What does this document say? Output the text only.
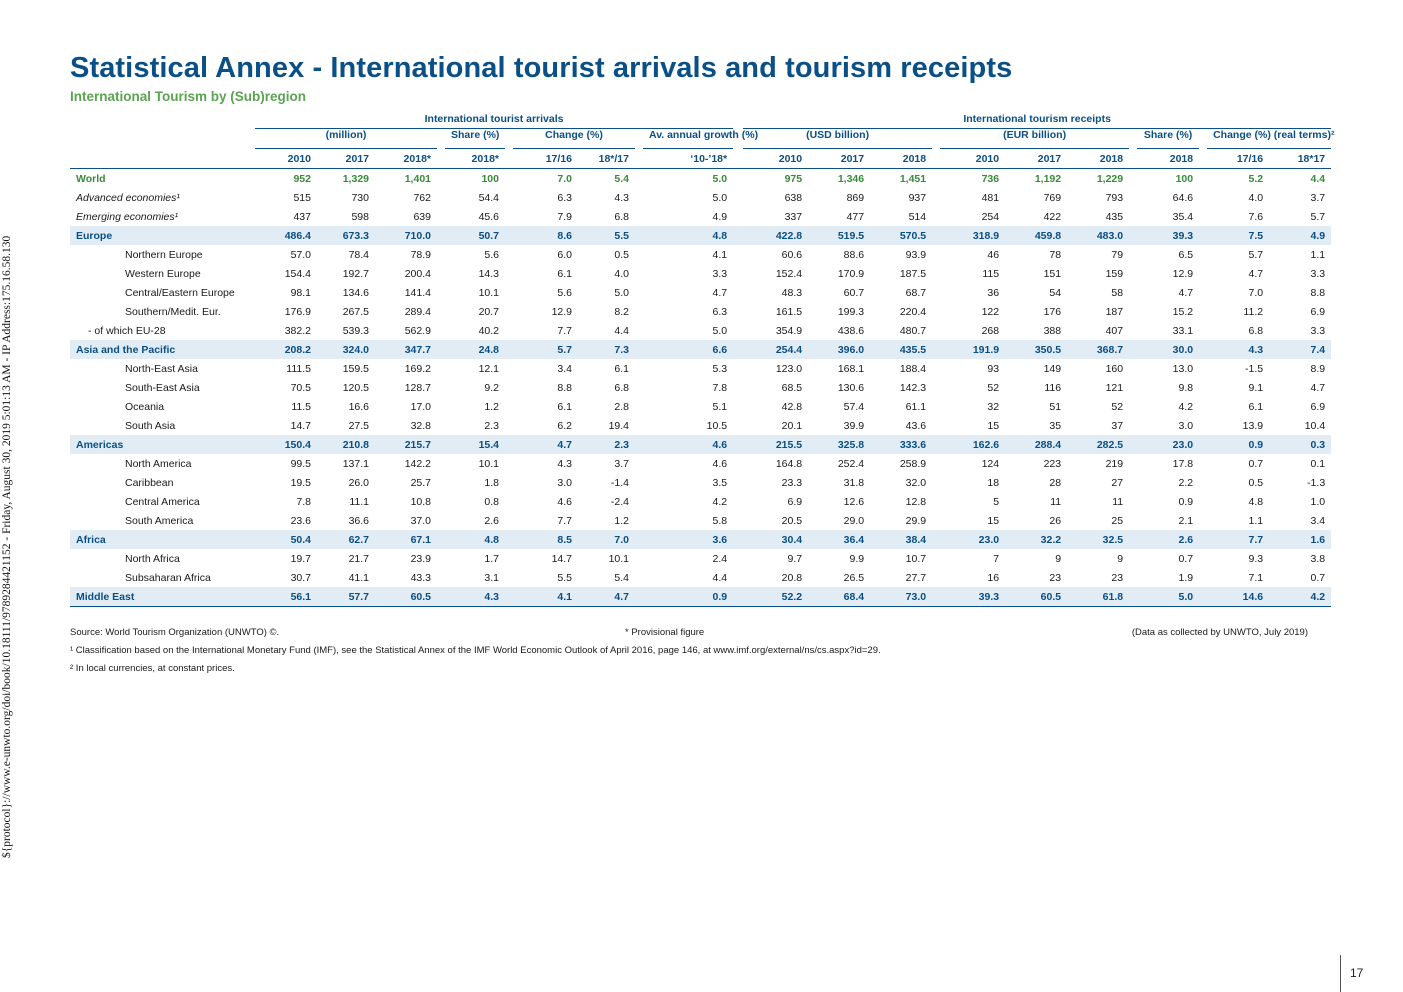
${protocol}://www.e-unwto.org/doi/book/10.18111/9789284421152 - Friday, August 30, 2019 5:01:13 AM - IP Address:175.16.58.130
Statistical Annex - International tourist arrivals and tourism receipts
International Tourism by (Sub)region
	International tourist arrivals											International tourism receipts											
	(million)				Share (%)		Change (%)			Av. annual growth (%)		(USD billion)				(EUR billion)				Share (%)		Change (%) (real terms)²	
	2010	2017	2018*		2018*		17/16	18*/17		‘10-’18*		2010	2017	2018		2010	2017	2018		2018		17/16	18*17
World	952	1,329	1,401		100		7.0	5.4		5.0		975	1,346	1,451		736	1,192	1,229		100		5.2	4.4
Advanced economies¹	515	730	762		54.4		6.3	4.3		5.0		638	869	937		481	769	793		64.6		4.0	3.7
Emerging economies¹	437	598	639		45.6		7.9	6.8		4.9		337	477	514		254	422	435		35.4		7.6	5.7
Europe	486.4	673.3	710.0		50.7		8.6	5.5		4.8		422.8	519.5	570.5		318.9	459.8	483.0		39.3		7.5	4.9
Northern Europe	57.0	78.4	78.9		5.6		6.0	0.5		4.1		60.6	88.6	93.9		46	78	79		6.5		5.7	1.1
Western Europe	154.4	192.7	200.4		14.3		6.1	4.0		3.3		152.4	170.9	187.5		115	151	159		12.9		4.7	3.3
Central/Eastern Europe	98.1	134.6	141.4		10.1		5.6	5.0		4.7		48.3	60.7	68.7		36	54	58		4.7		7.0	8.8
Southern/Medit. Eur.	176.9	267.5	289.4		20.7		12.9	8.2		6.3		161.5	199.3	220.4		122	176	187		15.2		11.2	6.9
- of which EU-28	382.2	539.3	562.9		40.2		7.7	4.4		5.0		354.9	438.6	480.7		268	388	407		33.1		6.8	3.3
Asia and the Pacific	208.2	324.0	347.7		24.8		5.7	7.3		6.6		254.4	396.0	435.5		191.9	350.5	368.7		30.0		4.3	7.4
North-East Asia	111.5	159.5	169.2		12.1		3.4	6.1		5.3		123.0	168.1	188.4		93	149	160		13.0		-1.5	8.9
South-East Asia	70.5	120.5	128.7		9.2		8.8	6.8		7.8		68.5	130.6	142.3		52	116	121		9.8		9.1	4.7
Oceania	11.5	16.6	17.0		1.2		6.1	2.8		5.1		42.8	57.4	61.1		32	51	52		4.2		6.1	6.9
South Asia	14.7	27.5	32.8		2.3		6.2	19.4		10.5		20.1	39.9	43.6		15	35	37		3.0		13.9	10.4
Americas	150.4	210.8	215.7		15.4		4.7	2.3		4.6		215.5	325.8	333.6		162.6	288.4	282.5		23.0		0.9	0.3
North America	99.5	137.1	142.2		10.1		4.3	3.7		4.6		164.8	252.4	258.9		124	223	219		17.8		0.7	0.1
Caribbean	19.5	26.0	25.7		1.8		3.0	-1.4		3.5		23.3	31.8	32.0		18	28	27		2.2		0.5	-1.3
Central America	7.8	11.1	10.8		0.8		4.6	-2.4		4.2		6.9	12.6	12.8		5	11	11		0.9		4.8	1.0
South America	23.6	36.6	37.0		2.6		7.7	1.2		5.8		20.5	29.0	29.9		15	26	25		2.1		1.1	3.4
Africa	50.4	62.7	67.1		4.8		8.5	7.0		3.6		30.4	36.4	38.4		23.0	32.2	32.5		2.6		7.7	1.6
North Africa	19.7	21.7	23.9		1.7		14.7	10.1		2.4		9.7	9.9	10.7		7	9	9		0.7		9.3	3.8
Subsaharan Africa	30.7	41.1	43.3		3.1		5.5	5.4		4.4		20.8	26.5	27.7		16	23	23		1.9		7.1	0.7
Middle East	56.1	57.7	60.5		4.3		4.1	4.7		0.9		52.2	68.4	73.0		39.3	60.5	61.8		5.0		14.6	4.2
Source: World Tourism Organization (UNWTO) ©.	* Provisional figure	(Data as collected by UNWTO, July 2019)
¹ Classification based on the International Monetary Fund (IMF), see the Statistical Annex of the IMF World Economic Outlook of April 2016, page 146, at www.imf.org/external/ns/cs.aspx?id=29.
² In local currencies, at constant prices.
17
